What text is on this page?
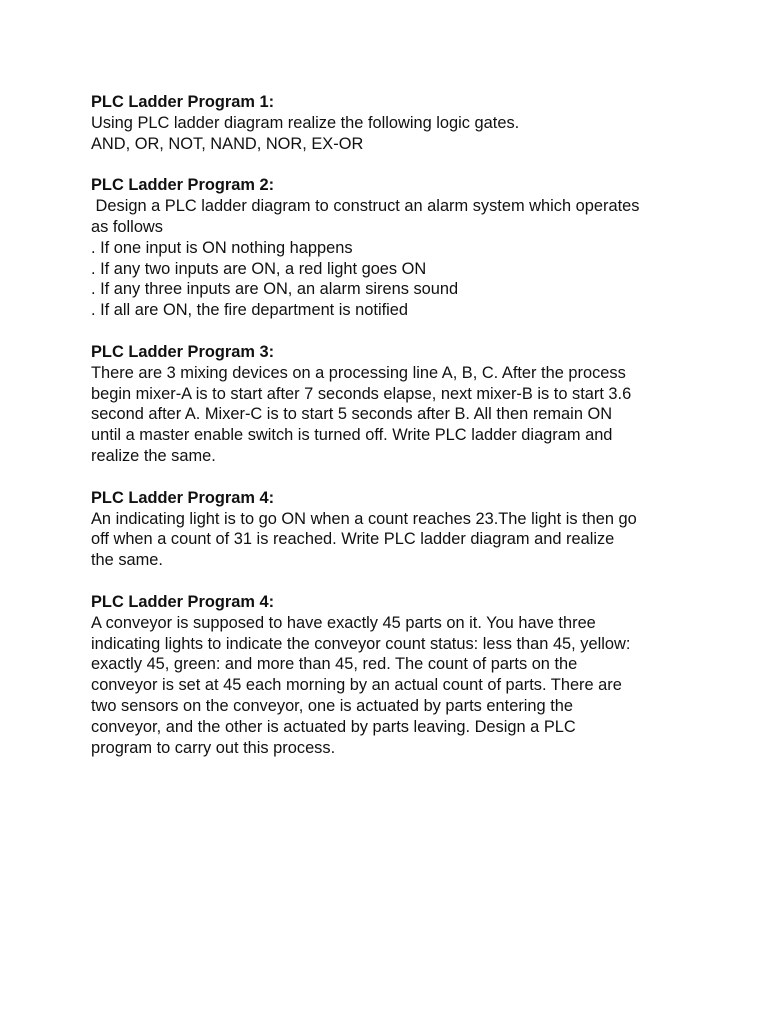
PLC Ladder Program 1:
Using PLC ladder diagram realize the following logic gates.
AND, OR, NOT, NAND, NOR, EX-OR
PLC Ladder Program 2:
Design a PLC ladder diagram to construct an alarm system which operates
as follows
. If one input is ON nothing happens
. If any two inputs are ON, a red light goes ON
. If any three inputs are ON, an alarm sirens sound
. If all are ON, the fire department is notified
PLC Ladder Program 3:
There are 3 mixing devices on a processing line A, B, C. After the process
begin mixer-A is to start after 7 seconds elapse, next mixer-B is to start 3.6
second after A. Mixer-C is to start 5 seconds after B. All then remain ON
until a master enable switch is turned off. Write PLC ladder diagram and
realize the same.
PLC Ladder Program 4:
An indicating light is to go ON when a count reaches 23.The light is then go
off when a count of 31 is reached. Write PLC ladder diagram and realize
the same.
PLC Ladder Program 4:
A conveyor is supposed to have exactly 45 parts on it. You have three
indicating lights to indicate the conveyor count status: less than 45, yellow:
exactly 45, green: and more than 45, red. The count of parts on the
conveyor is set at 45 each morning by an actual count of parts. There are
two sensors on the conveyor, one is actuated by parts entering the
conveyor, and the other is actuated by parts leaving. Design a PLC
program to carry out this process.
